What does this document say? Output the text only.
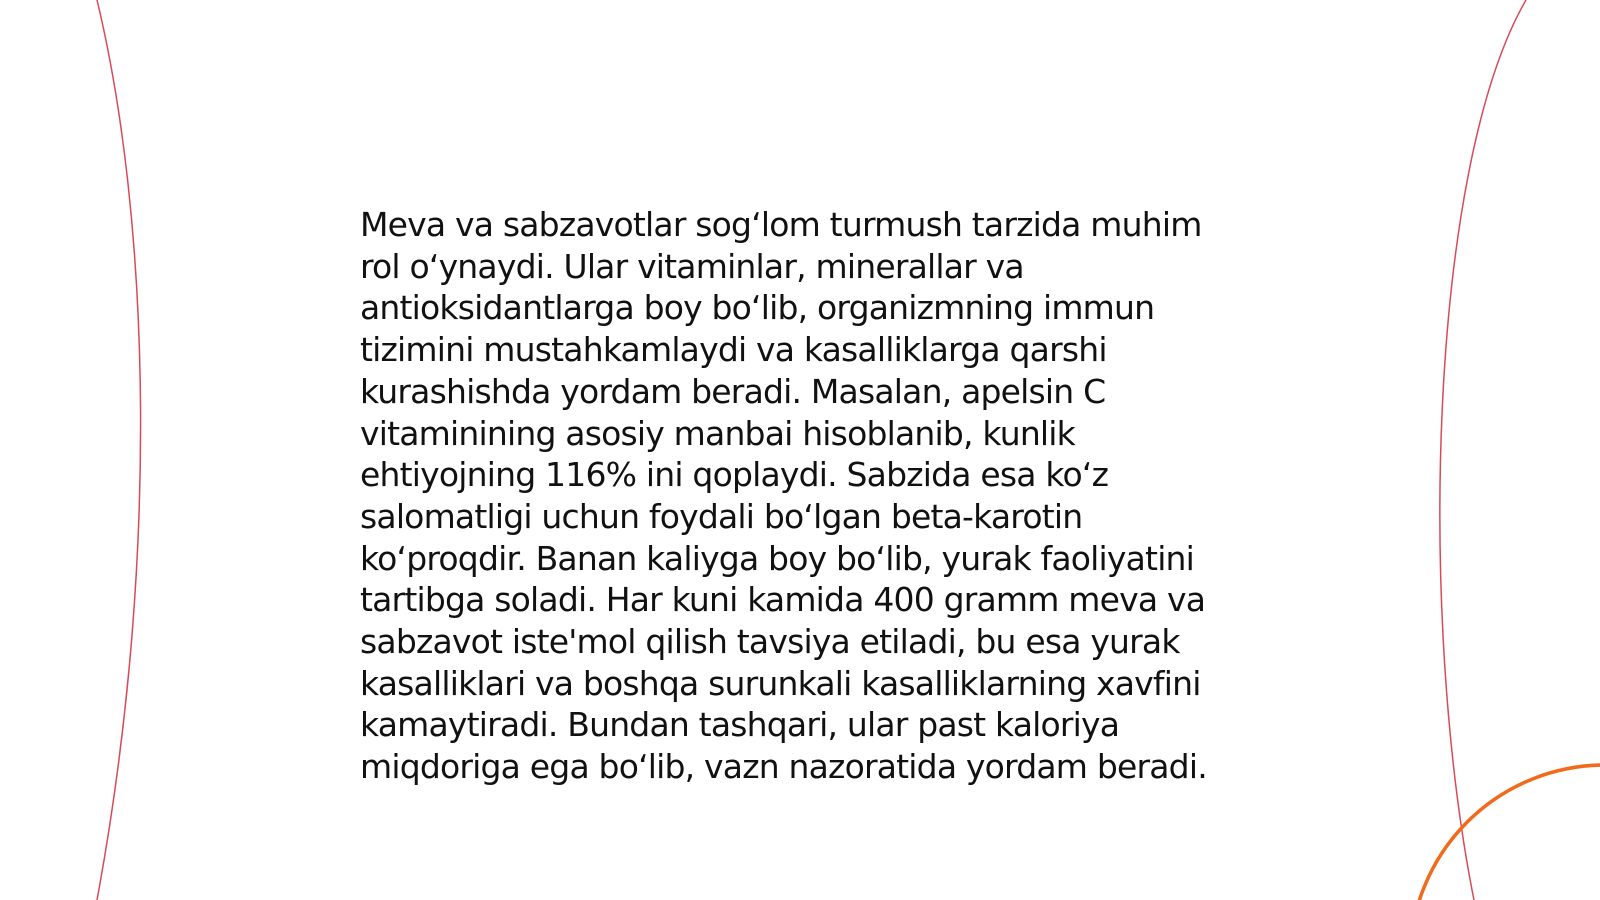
Meva va sabzavotlar sogʻlom turmush tarzida muhim
rol oʻynaydi. Ular vitaminlar, minerallar va
antioksidantlarga boy boʻlib, organizmning immun
tizimini mustahkamlaydi va kasalliklarga qarshi
kurashishda yordam beradi. Masalan, apelsin C
vitaminining asosiy manbai hisoblanib, kunlik
ehtiyojning 116% ini qoplaydi. Sabzida esa koʻz
salomatligi uchun foydali boʻlgan beta-karotin
koʻproqdir. Banan kaliyga boy boʻlib, yurak faoliyatini
tartibga soladi. Har kuni kamida 400 gramm meva va
sabzavot iste'mol qilish tavsiya etiladi, bu esa yurak
kasalliklari va boshqa surunkali kasalliklarning xavfini
kamaytiradi. Bundan tashqari, ular past kaloriya
miqdoriga ega boʻlib, vazn nazoratida yordam beradi.
